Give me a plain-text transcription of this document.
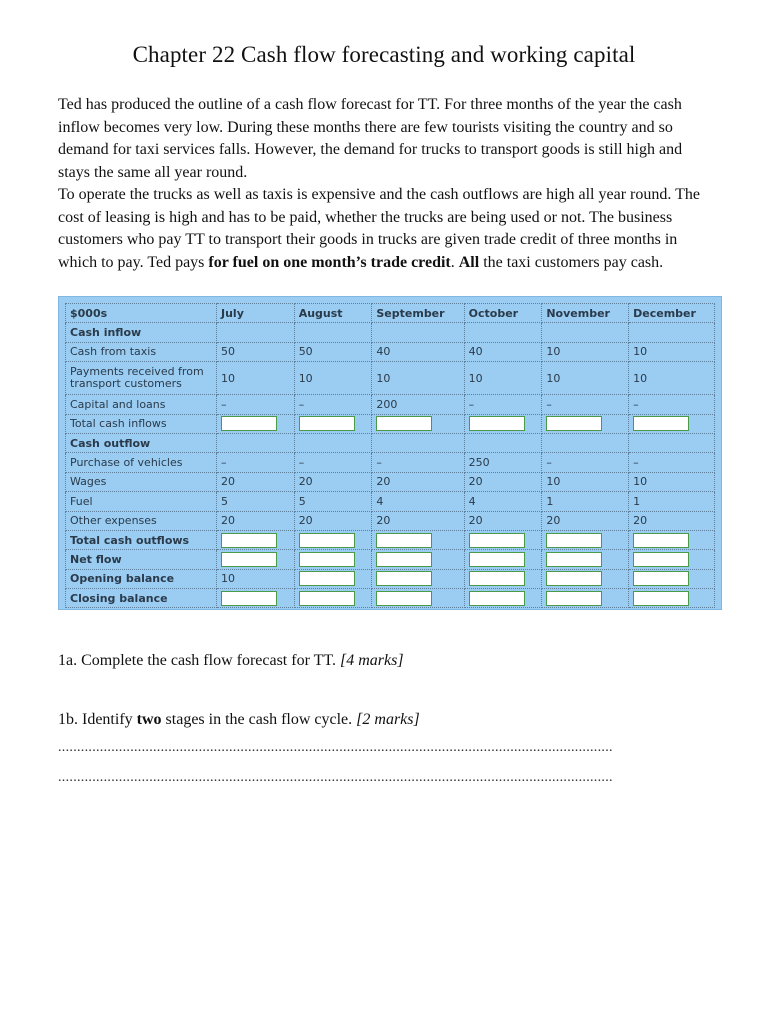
Chapter 22 Cash flow forecasting and working capital
Ted has produced the outline of a cash flow forecast for TT. For three months of the year the cash inflow becomes very low. During these months there are few tourists visiting the country and so demand for taxi services falls. However, the demand for trucks to transport goods is still high and stays the same all year round.
To operate the trucks as well as taxis is expensive and the cash outflows are high all year round. The cost of leasing is high and has to be paid, whether the trucks are being used or not. The business customers who pay TT to transport their goods in trucks are given trade credit of three months in which to pay. Ted pays for fuel on one month’s trade credit. All the taxi customers pay cash.
$000s	July	August	September	October	November	December
Cash inflow						
Cash from taxis	50	50	40	40	10	10
Payments received from transport customers	10	10	10	10	10	10
Capital and loans	–	–	200	–	–	–
Total cash inflows	

Cash outflow						
Purchase of vehicles	–	–	–	250	–	–
Wages	20	20	20	20	10	10
Fuel	5	5	4	4	1	1
Other expenses	20	20	20	20	20	20
Total cash outflows	

Net flow	

Opening balance	10	

Closing balance	

1a. Complete the cash flow forecast for TT. [4 marks]
1b. Identify two stages in the cash flow cycle. [2 marks]
..................................................................................................................................................
..................................................................................................................................................
